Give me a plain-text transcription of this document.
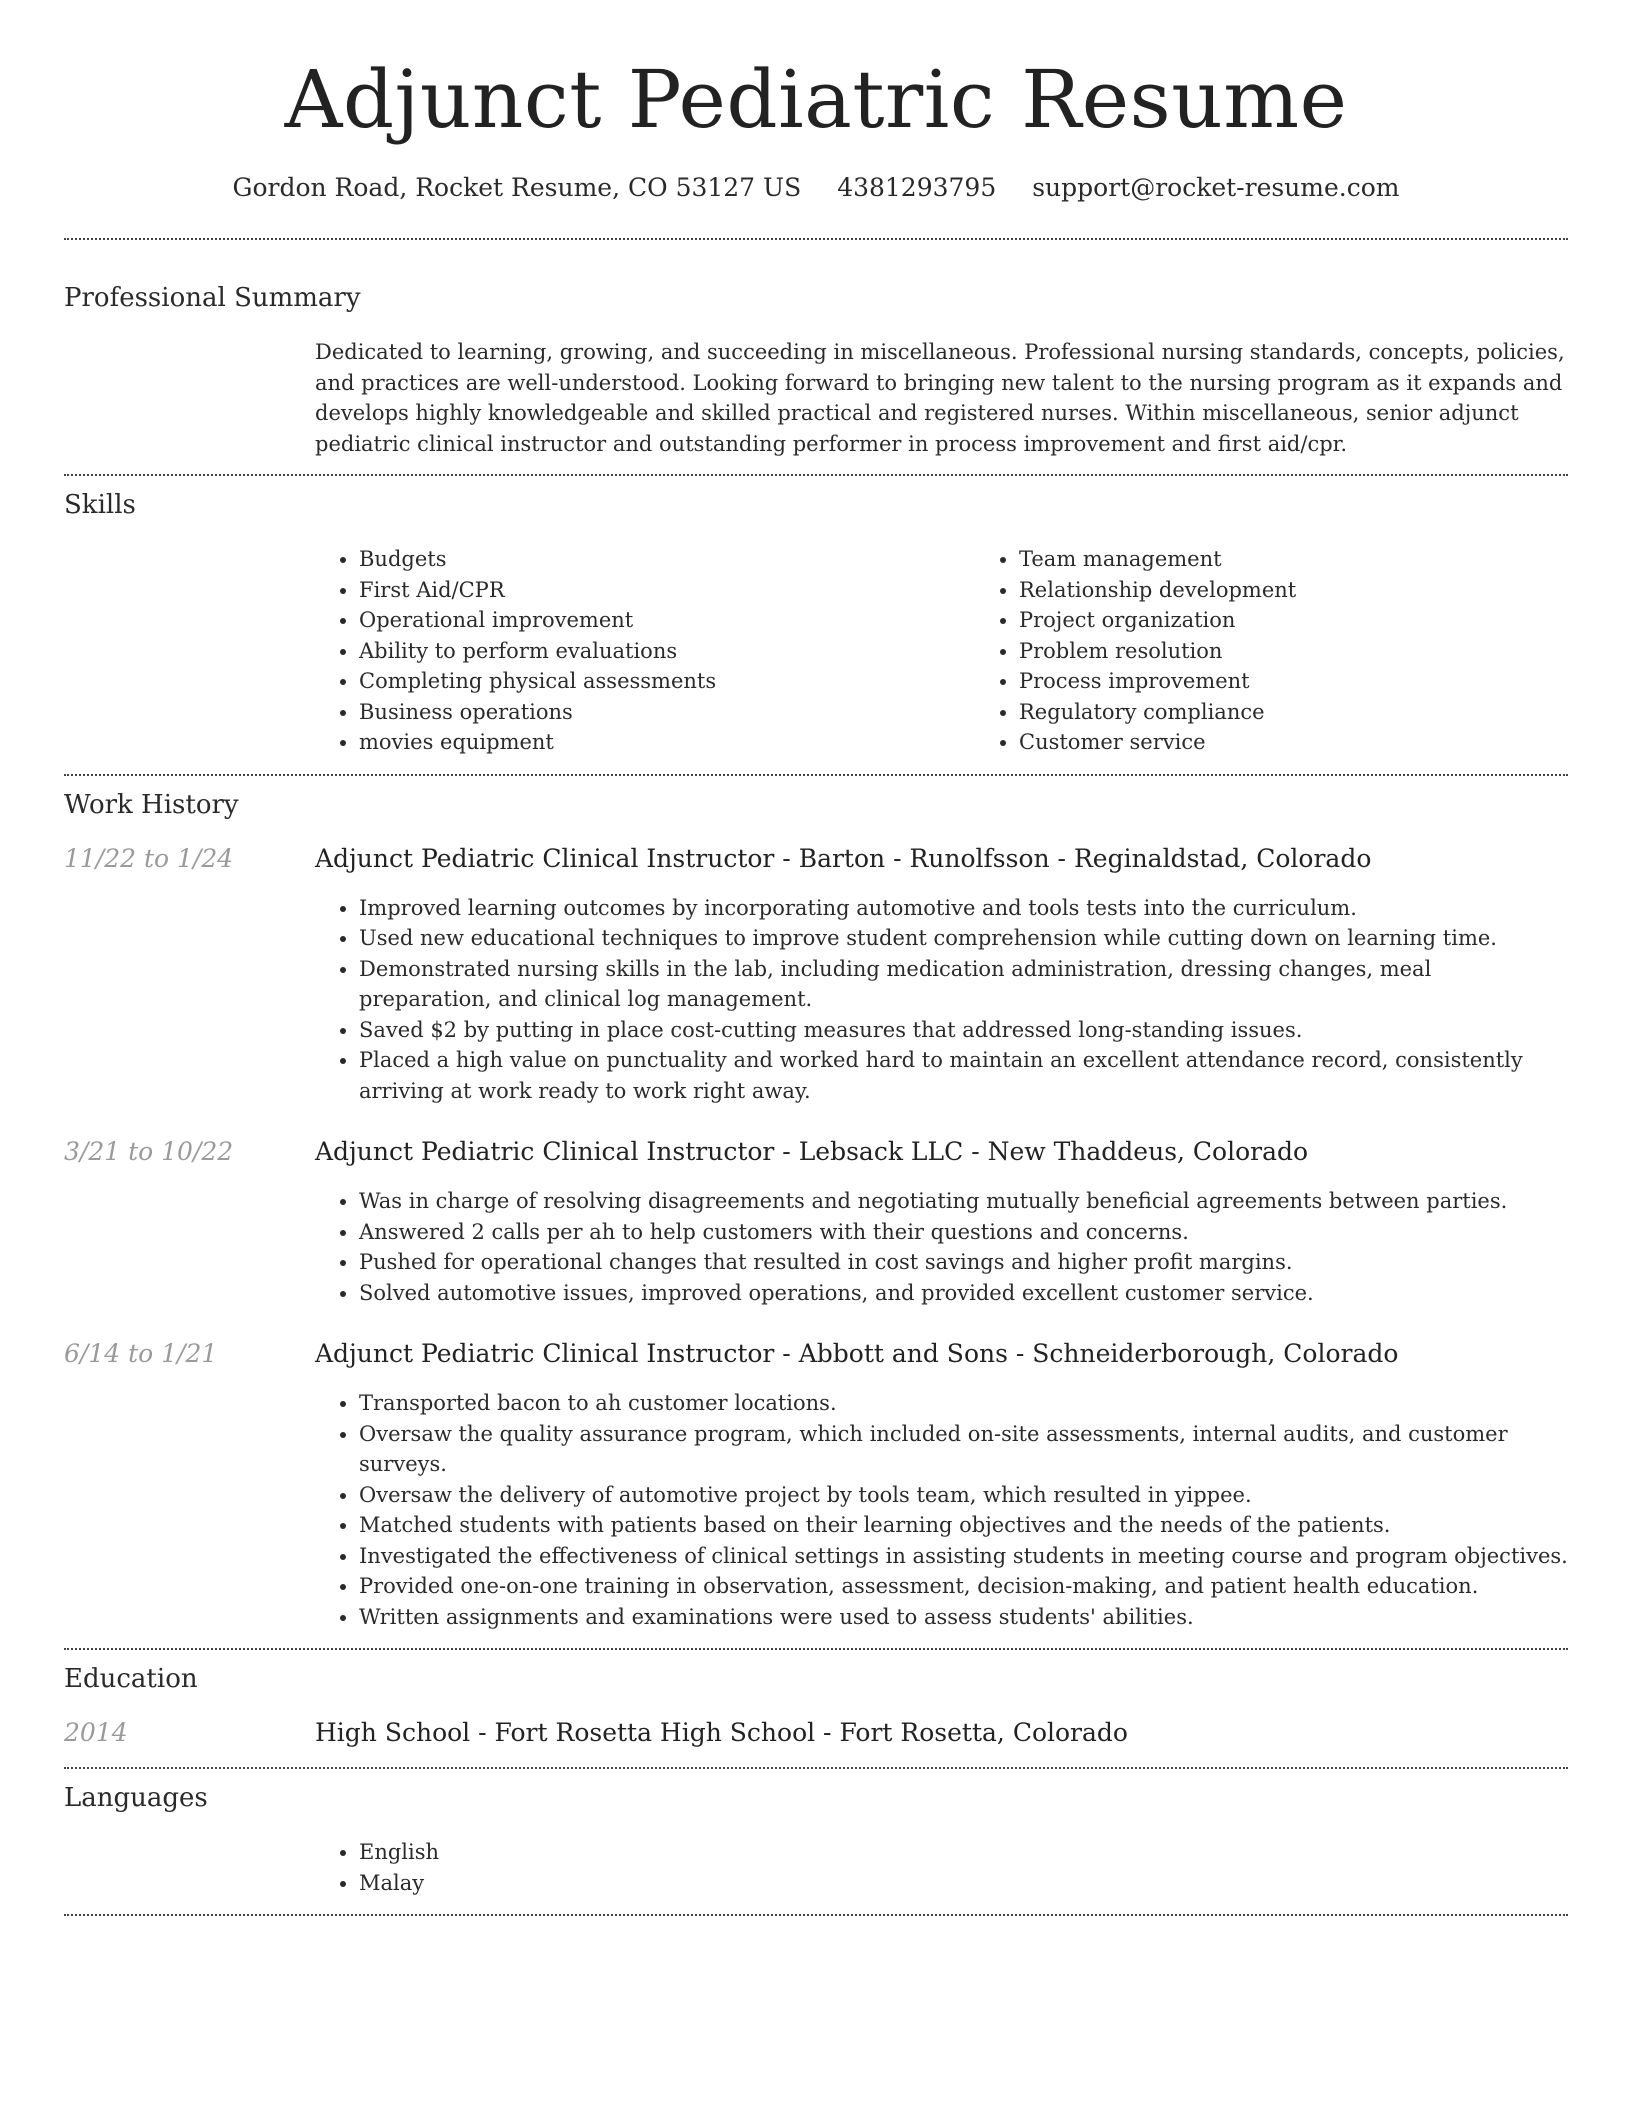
Adjunct Pediatric Resume
Gordon Road, Rocket Resume, CO 53127 US 4381293795 support@rocket-resume.com
Professional Summary

Dedicated to learning, growing, and succeeding in miscellaneous. Professional nursing standards, concepts, policies, and practices are well-understood. Looking forward to bringing new talent to the nursing program as it expands and develops highly knowledgeable and skilled practical and registered nurses. Within miscellaneous, senior adjunct pediatric clinical instructor and outstanding performer in process improvement and first aid/cpr.

Skills
• Budgets
• First Aid/CPR
• Operational improvement
• Ability to perform evaluations
• Completing physical assessments
• Business operations
• movies equipment
• Team management
• Relationship development
• Project organization
• Problem resolution
• Process improvement
• Regulatory compliance
• Customer service
Work History
11/22 to 1/24	Adjunct Pediatric Clinical Instructor - Barton - Runolfsson - Reginaldstad, Colorado
• Improved learning outcomes by incorporating automotive and tools tests into the curriculum.
• Used new educational techniques to improve student comprehension while cutting down on learning time.
• Demonstrated nursing skills in the lab, including medication administration, dressing changes, meal preparation, and clinical log management.
• Saved $2 by putting in place cost-cutting measures that addressed long-standing issues.
• Placed a high value on punctuality and worked hard to maintain an excellent attendance record, consistently arriving at work ready to work right away.
3/21 to 10/22	Adjunct Pediatric Clinical Instructor - Lebsack LLC - New Thaddeus, Colorado
• Was in charge of resolving disagreements and negotiating mutually beneficial agreements between parties.
• Answered 2 calls per ah to help customers with their questions and concerns.
• Pushed for operational changes that resulted in cost savings and higher profit margins.
• Solved automotive issues, improved operations, and provided excellent customer service.
6/14 to 1/21	Adjunct Pediatric Clinical Instructor - Abbott and Sons - Schneiderborough, Colorado
• Transported bacon to ah customer locations.
• Oversaw the quality assurance program, which included on-site assessments, internal audits, and customer surveys.
• Oversaw the delivery of automotive project by tools team, which resulted in yippee.
• Matched students with patients based on their learning objectives and the needs of the patients.
• Investigated the effectiveness of clinical settings in assisting students in meeting course and program objectives.
• Provided one-on-one training in observation, assessment, decision-making, and patient health education.
• Written assignments and examinations were used to assess students' abilities.
Education
2014	High School - Fort Rosetta High School - Fort Rosetta, Colorado
Languages
• English
• Malay
